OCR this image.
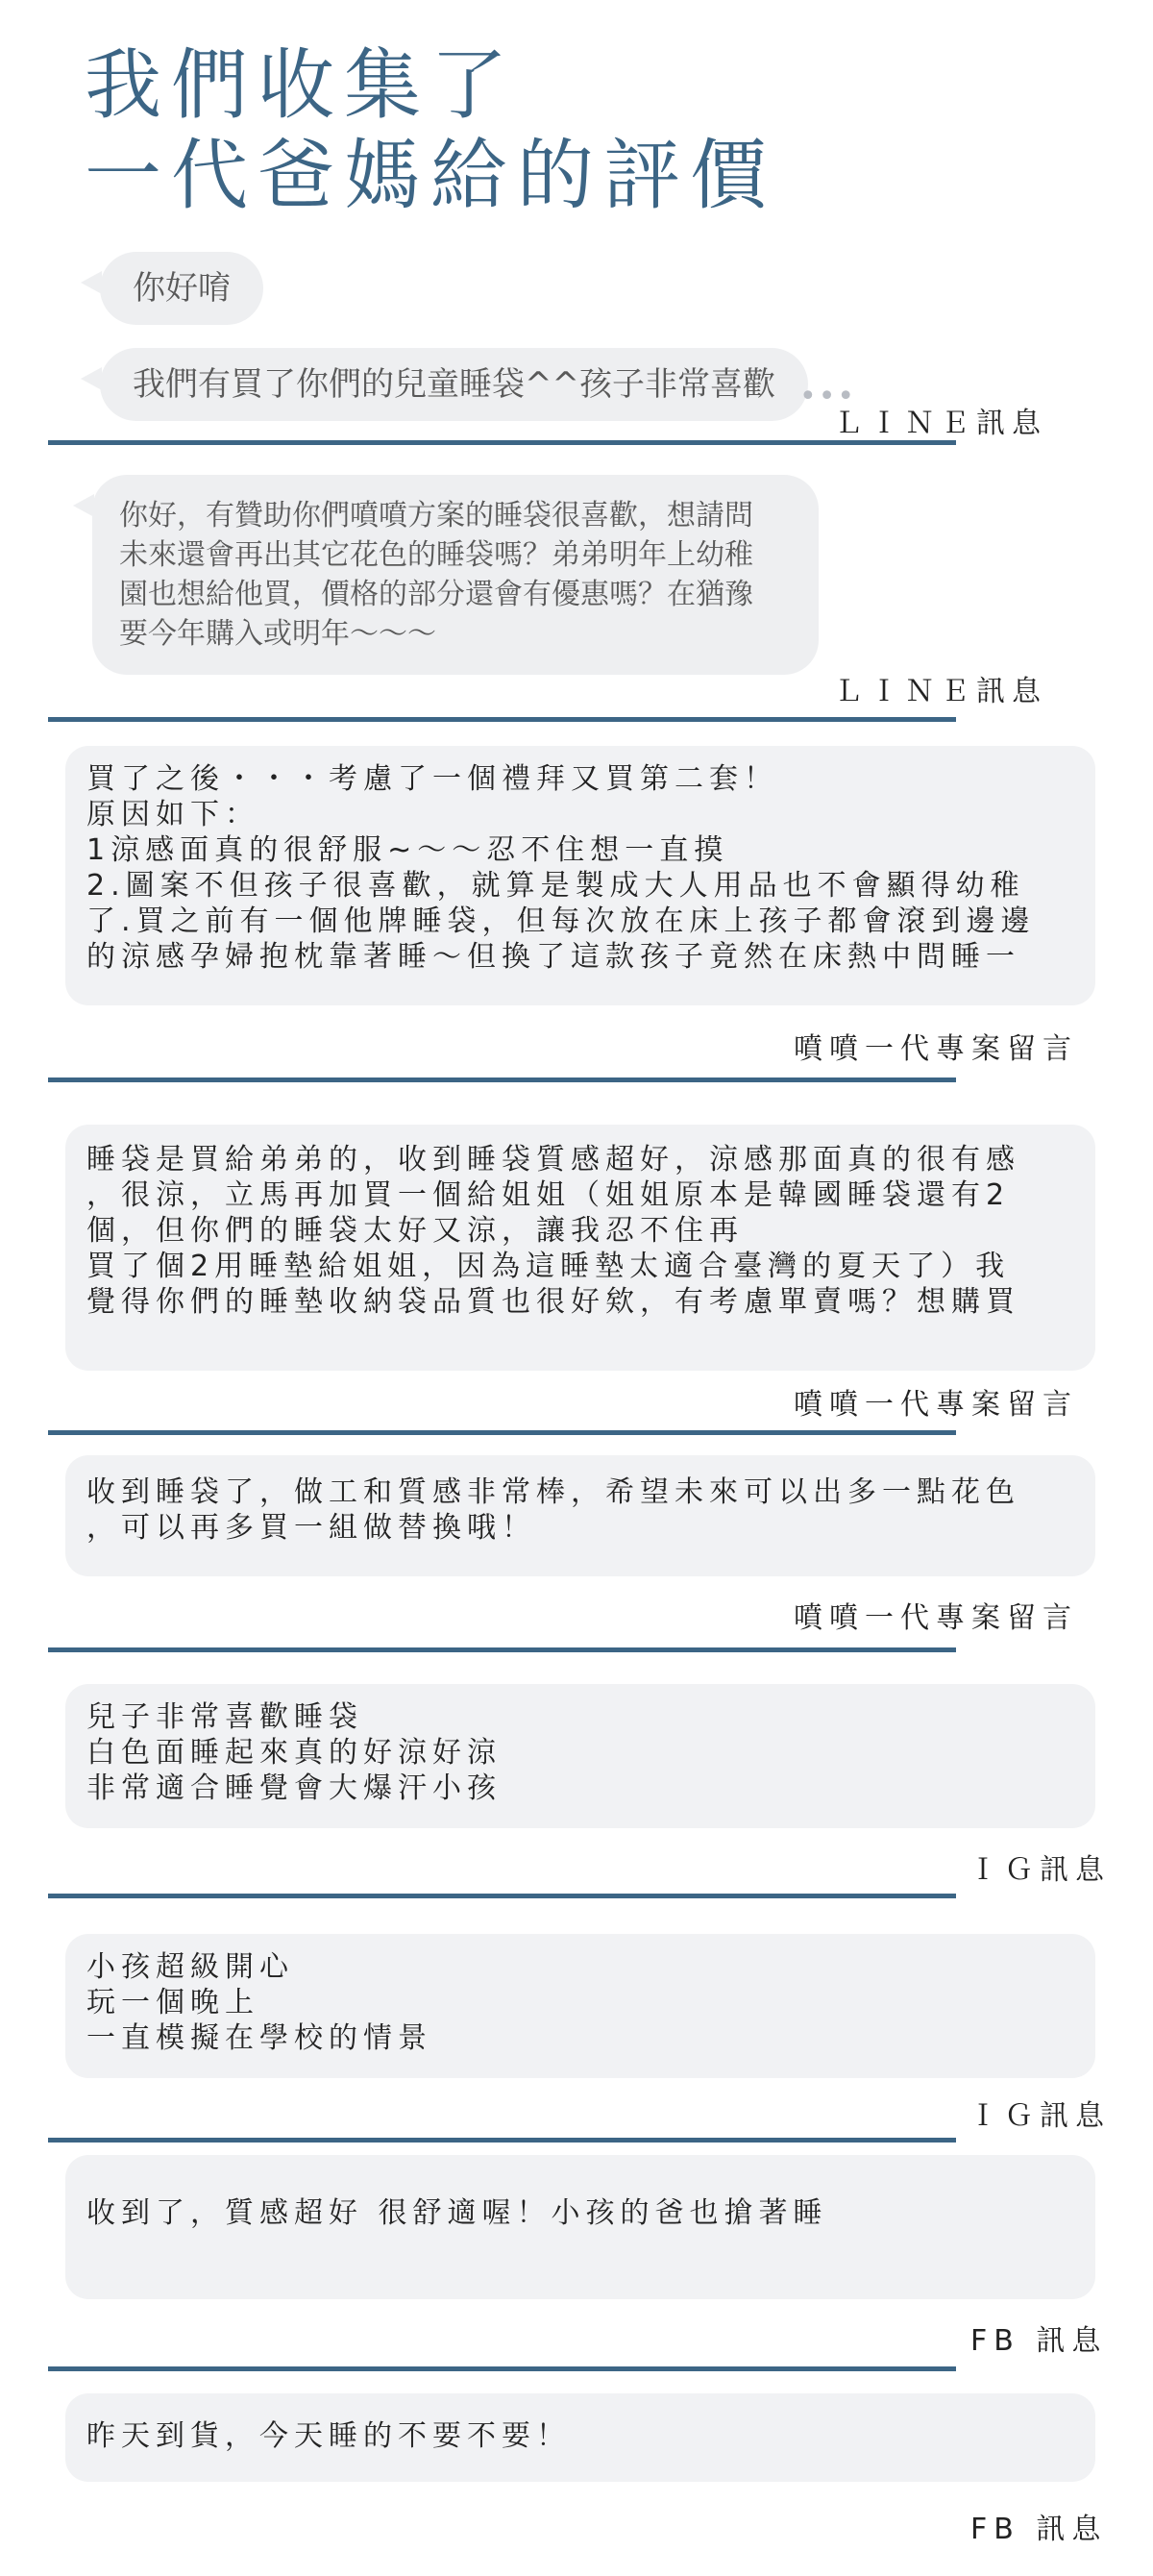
我們收集了
一代爸媽給的評價
你好唷
我們有買了你們的兒童睡袋^^孩子非常喜歡 •••
ＬＩＮＥ訊息
你好，有贊助你們噴噴方案的睡袋很喜歡，想請問
未來還會再出其它花色的睡袋嗎？弟弟明年上幼稚
園也想給他買，價格的部分還會有優惠嗎？在猶豫
要今年購入或明年～～～
ＬＩＮＥ訊息
買了之後・・・考慮了一個禮拜又買第二套！
原因如下：
1涼感面真的很舒服~〜〜忍不住想一直摸
2.圖案不但孩子很喜歡，就算是製成大人用品也不會顯得幼稚
了.買之前有一個他牌睡袋，但每次放在床上孩子都會滾到邊邊
的涼感孕婦抱枕靠著睡〜但換了這款孩子竟然在床熱中問睡一
噴噴一代專案留言
睡袋是買給弟弟的，收到睡袋質感超好，涼感那面真的很有感
，很涼，立馬再加買一個給姐姐（姐姐原本是韓國睡袋還有2
個，但你們的睡袋太好又涼，讓我忍不住再
買了個2用睡墊給姐姐，因為這睡墊太適合臺灣的夏天了）我
覺得你們的睡墊收納袋品質也很好欸，有考慮單賣嗎？想購買
噴噴一代專案留言
收到睡袋了，做工和質感非常棒，希望未來可以出多一點花色
，可以再多買一組做替換哦！
噴噴一代專案留言
兒子非常喜歡睡袋
白色面睡起來真的好涼好涼
非常適合睡覺會大爆汗小孩
ＩＧ訊息
小孩超級開心
玩一個晚上
一直模擬在學校的情景
ＩＧ訊息
收到了，質感超好 很舒適喔！小孩的爸也搶著睡
FB 訊息
昨天到貨，今天睡的不要不要！
FB 訊息
